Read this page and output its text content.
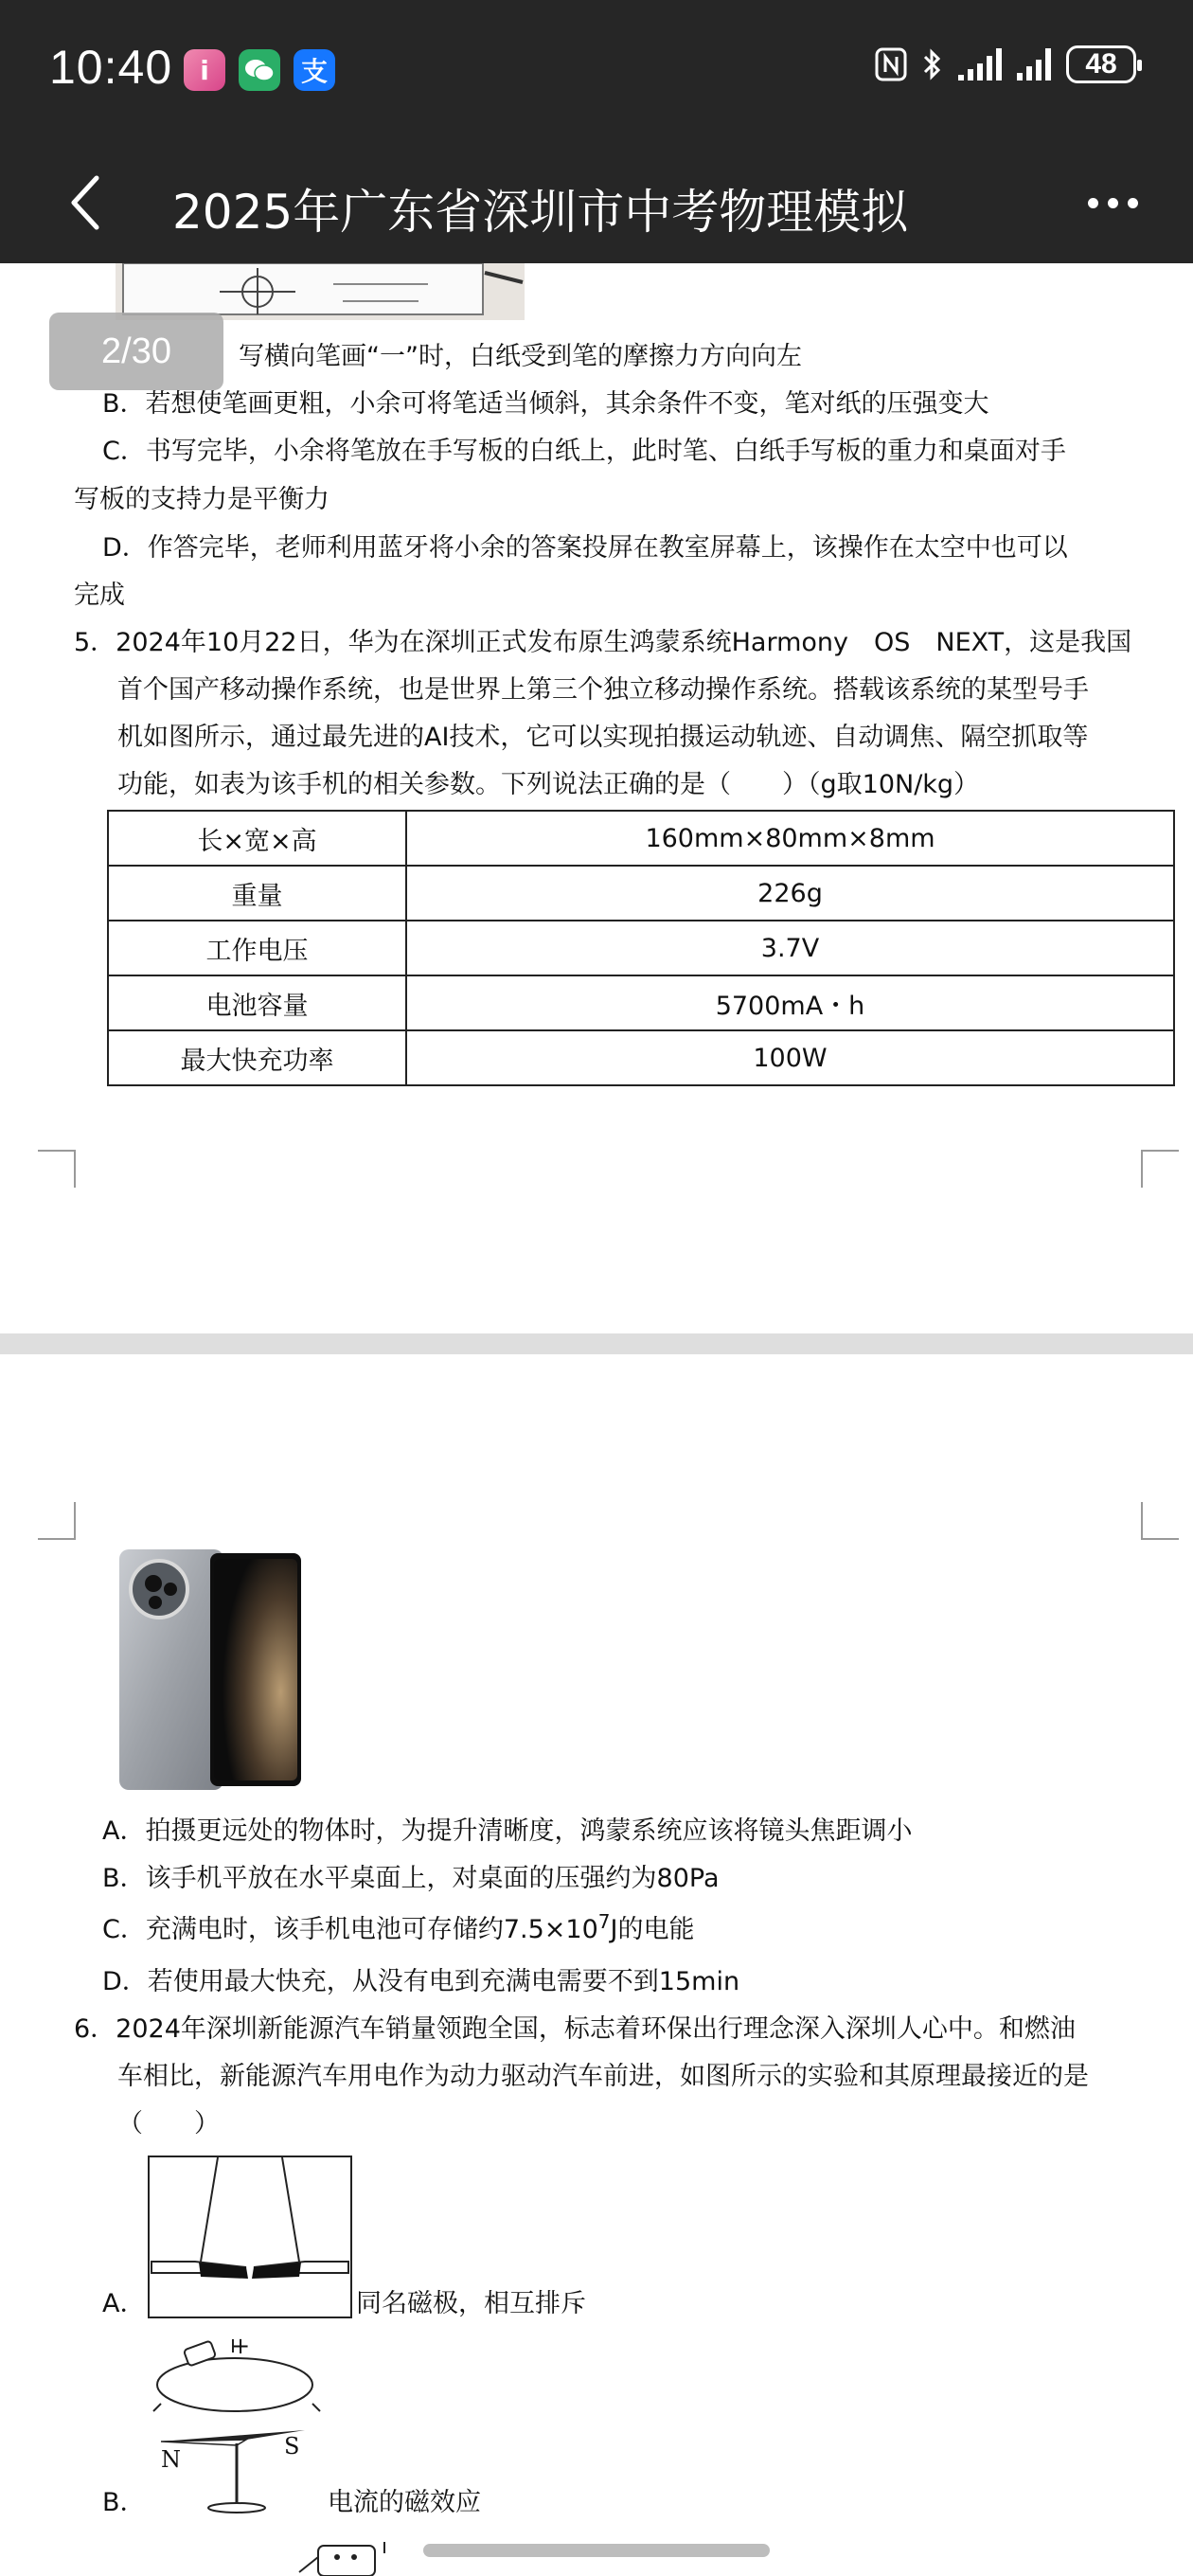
10:40	i	支	48
2025年广东省深圳市中考物理模拟
2/30	写横向笔画“一”时，白纸受到笔的摩擦力方向向左
B．若想使笔画更粗，小余可将笔适当倾斜，其余条件不变，笔对纸的压强变大
C．书写完毕，小余将笔放在手写板的白纸上，此时笔、白纸手写板的重力和桌面对手
写板的支持力是平衡力
D．作答完毕，老师利用蓝牙将小余的答案投屏在教室屏幕上，该操作在太空中也可以
完成
5．2024年10月22日，华为在深圳正式发布原生鸿蒙系统Harmony　OS　NEXT，这是我国
首个国产移动操作系统，也是世界上第三个独立移动操作系统。搭载该系统的某型号手
机如图所示，通过最先进的AI技术，它可以实现拍摄运动轨迹、自动调焦、隔空抓取等
功能，如表为该手机的相关参数。下列说法正确的是（　　）（g取10N/kg）
长×宽×高	160mm×80mm×8mm
重量	226g
工作电压	3.7V
电池容量	5700mA・h
最大快充功率	100W
A．拍摄更远处的物体时，为提升清晰度，鸿蒙系统应该将镜头焦距调小
B．该手机平放在水平桌面上，对桌面的压强约为80Pa
C．充满电时，该手机电池可存储约$7.5\times 10^7J$的电能
D．若使用最大快充，从没有电到充满电需要不到15min
6．2024年深圳新能源汽车销量领跑全国，标志着环保出行理念深入深圳人心中。和燃油
车相比，新能源汽车用电作为动力驱动汽车前进，如图所示的实验和其原理最接近的是
（　　）
A．	同名磁极，相互排斥
B．
+
N	S
电流的磁效应
